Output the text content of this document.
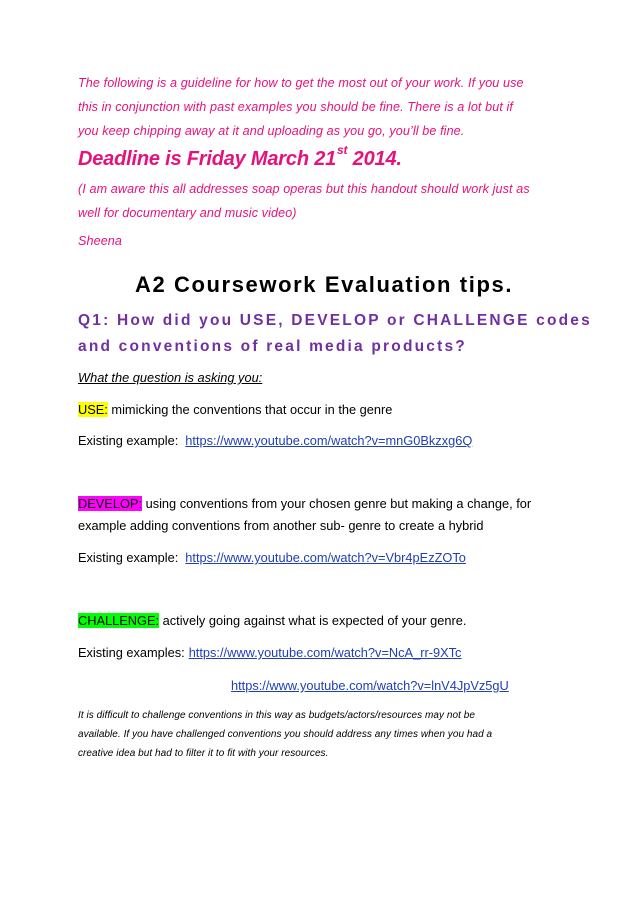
The following is a guideline for how to get the most out of your work. If you use

this in conjunction with past examples you should be fine. There is a lot but if

you keep chipping away at it and uploading as you go, you’ll be fine.

Deadline is Friday March 21st 2014.

(I am aware this all addresses soap operas but this handout should work just as

well for documentary and music video)

Sheena

A2 Coursework Evaluation tips.

Q1: How did you USE, DEVELOP or CHALLENGE codes

and conventions of real media products?

What the question is asking you:

USE: mimicking the conventions that occur in the genre

Existing example: https://www.youtube.com/watch?v=mnG0Bkzxg6Q

DEVELOP: using conventions from your chosen genre but making a change, for

example adding conventions from another sub- genre to create a hybrid

Existing example: https://www.youtube.com/watch?v=Vbr4pEzZOTo

CHALLENGE: actively going against what is expected of your genre.

Existing examples: https://www.youtube.com/watch?v=NcA_rr-9XTc

https://www.youtube.com/watch?v=lnV4JpVz5gU

It is difficult to challenge conventions in this way as budgets/actors/resources may not be

available. If you have challenged conventions you should address any times when you had a

creative idea but had to filter it to fit with your resources.
